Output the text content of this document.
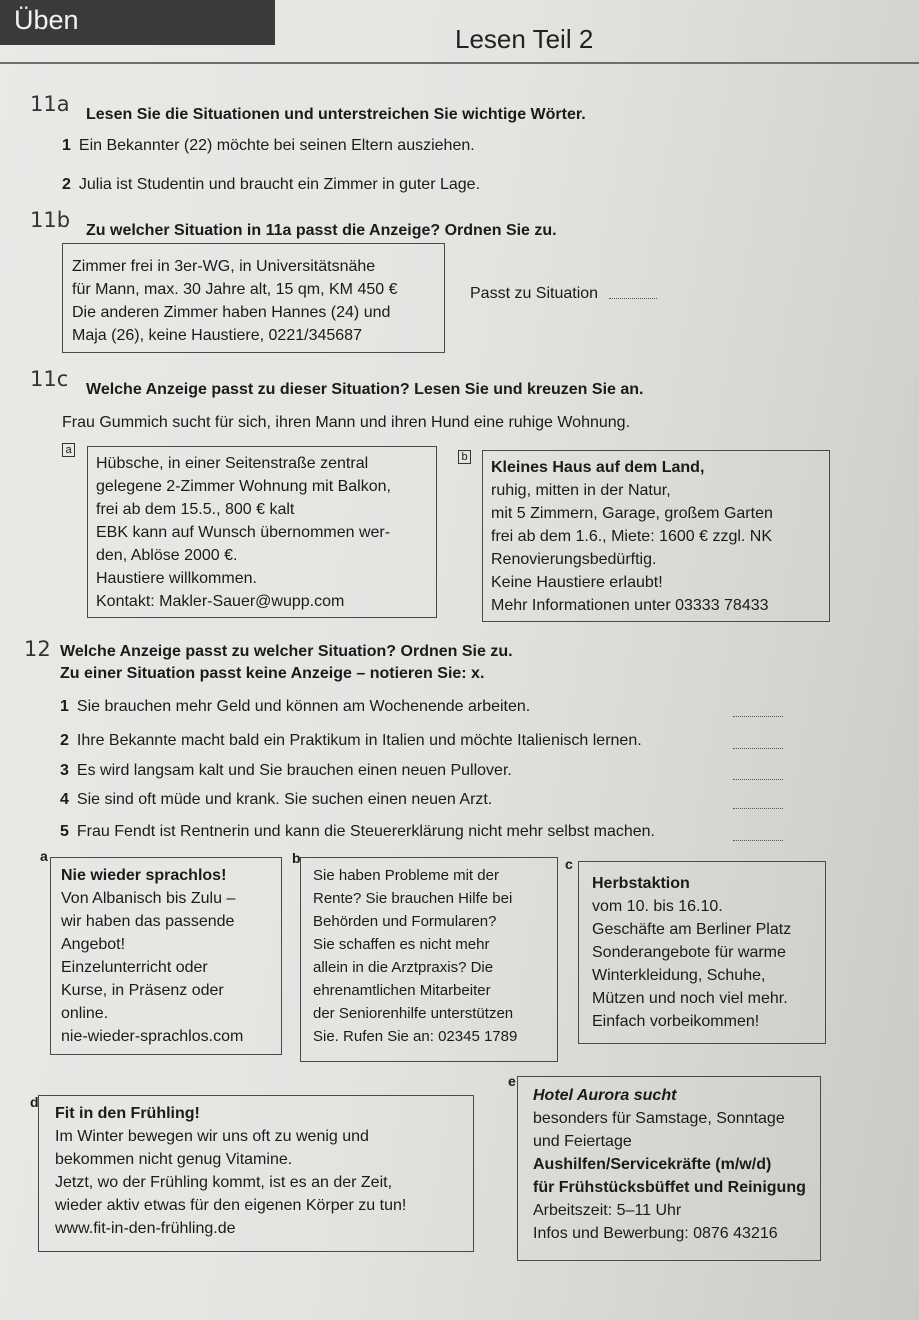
Üben
Lesen Teil 2
11a Lesen Sie die Situationen und unterstreichen Sie wichtige Wörter.
1 Ein Bekannter (22) möchte bei seinen Eltern ausziehen.
2 Julia ist Studentin und braucht ein Zimmer in guter Lage.
11b Zu welcher Situation in 11a passt die Anzeige? Ordnen Sie zu.

Zimmer frei in 3er-WG, in Universitätsnähe

für Mann, max. 30 Jahre alt, 15 qm, KM 450 €

Die anderen Zimmer haben Hannes (24) und

Maja (26), keine Haustiere, 0221/345687

Passt zu Situation
11c Welche Anzeige passt zu dieser Situation? Lesen Sie und kreuzen Sie an.
Frau Gummich sucht für sich, ihren Mann und ihren Hund eine ruhige Wohnung.
a

Hübsche, in einer Seitenstraße zentral

gelegene 2-Zimmer Wohnung mit Balkon,

frei ab dem 15.5., 800 € kalt

EBK kann auf Wunsch übernommen wer-

den, Ablöse 2000 €.

Haustiere willkommen.

Kontakt: Makler-Sauer@wupp.com

b

Kleines Haus auf dem Land,

ruhig, mitten in der Natur,

mit 5 Zimmern, Garage, großem Garten

frei ab dem 1.6., Miete: 1600 € zzgl. NK

Renovierungsbedürftig.

Keine Haustiere erlaubt!

Mehr Informationen unter 03333 78433

12 Welche Anzeige passt zu welcher Situation? Ordnen Sie zu.
Zu einer Situation passt keine Anzeige – notieren Sie: x.
1 Sie brauchen mehr Geld und können am Wochenende arbeiten.
2 Ihre Bekannte macht bald ein Praktikum in Italien und möchte Italienisch lernen.
3 Es wird langsam kalt und Sie brauchen einen neuen Pullover.
4 Sie sind oft müde und krank. Sie suchen einen neuen Arzt.
5 Frau Fendt ist Rentnerin und kann die Steuererklärung nicht mehr selbst machen.
a

Nie wieder sprachlos!

Von Albanisch bis Zulu –

wir haben das passende

Angebot!

Einzelunterricht oder

Kurse, in Präsenz oder

online.

nie-wieder-sprachlos.com

b

Sie haben Probleme mit der

Rente? Sie brauchen Hilfe bei

Behörden und Formularen?

Sie schaffen es nicht mehr

allein in die Arztpraxis? Die

ehrenamtlichen Mitarbeiter

der Seniorenhilfe unterstützen

Sie. Rufen Sie an: 02345 1789

c

Herbstaktion

vom 10. bis 16.10.

Geschäfte am Berliner Platz

Sonderangebote für warme

Winterkleidung, Schuhe,

Mützen und noch viel mehr.

Einfach vorbeikommen!

d

Fit in den Frühling!

Im Winter bewegen wir uns oft zu wenig und

bekommen nicht genug Vitamine.

Jetzt, wo der Frühling kommt, ist es an der Zeit,

wieder aktiv etwas für den eigenen Körper zu tun!

www.fit-in-den-frühling.de

e

Hotel Aurora sucht

besonders für Samstage, Sonntage

und Feiertage

Aushilfen/Servicekräfte (m/w/d)

für Frühstücksbüffet und Reinigung

Arbeitszeit: 5–11 Uhr

Infos und Bewerbung: 0876 43216
